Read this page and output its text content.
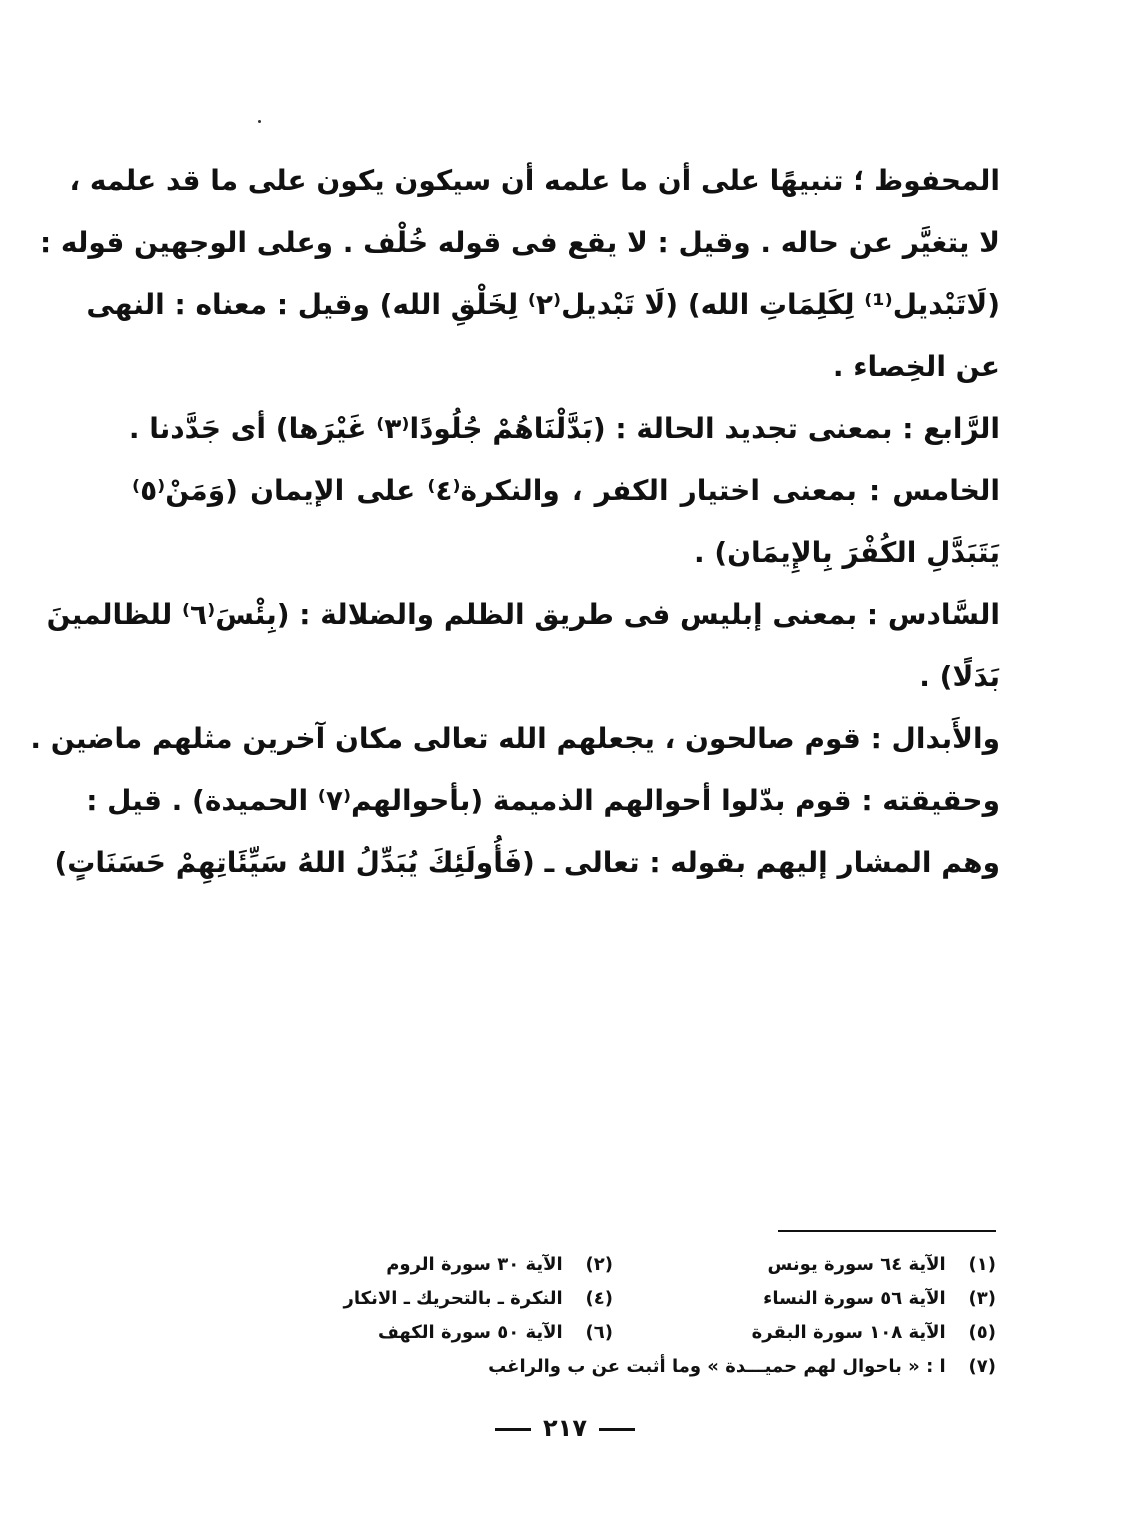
المحفوظ ؛ تنبيهًا على أن ما علمه أن سيكون يكون على ما قد علمه ،
لا يتغيَّر عن حاله . وقيل : لا يقع فى قوله خُلْف . وعلى الوجهين قوله :
(لَاتَبْديل⁽¹⁾ لِكَلِمَاتِ الله) (لَا تَبْديل⁽٢⁾ لِخَلْقِ الله) وقيل : معناه : النهى
عن الخِصاء .
الرَّابع : بمعنى تجديد الحالة : (بَدَّلْنَاهُمْ جُلُودًا⁽٣⁾ غَيْرَها) أى جَدَّدنا .
الخامس : بمعنى اختيار الكفر ، والنكرة⁽٤⁾ على الإيمان (وَمَنْ⁽٥⁾
يَتَبَدَّلِ الكُفْرَ بِالإِيمَان) .
السَّادس : بمعنى إبليس فى طريق الظلم والضلالة : (بِئْسَ⁽٦⁾ للظالمينَ
بَدَلًا) .
والأَبدال : قوم صالحون ، يجعلهم الله تعالى مكان آخرين مثلهم ماضين .
وحقيقته : قوم بدّلوا أحوالهم الذميمة (بأحوالهم⁽٧⁾ الحميدة) . قيل :
وهم المشار إليهم بقوله : تعالى ـ (فَأُولَئِكَ يُبَدِّلُ اللهُ سَيِّئَاتِهِمْ حَسَنَاتٍ)
(١) الآية ٦٤ سورة يونس
(٢) الآية ٣٠ سورة الروم
(٣) الآية ٥٦ سورة النساء
(٤) النكرة ـ بالتحريك ـ الانكار
(٥) الآية ١٠٨ سورة البقرة
(٦) الآية ٥٠ سورة الكهف
(٧) ا : « باحوال لهم حميـــدة » وما أثبت عن ب والراغب
٢١٧
